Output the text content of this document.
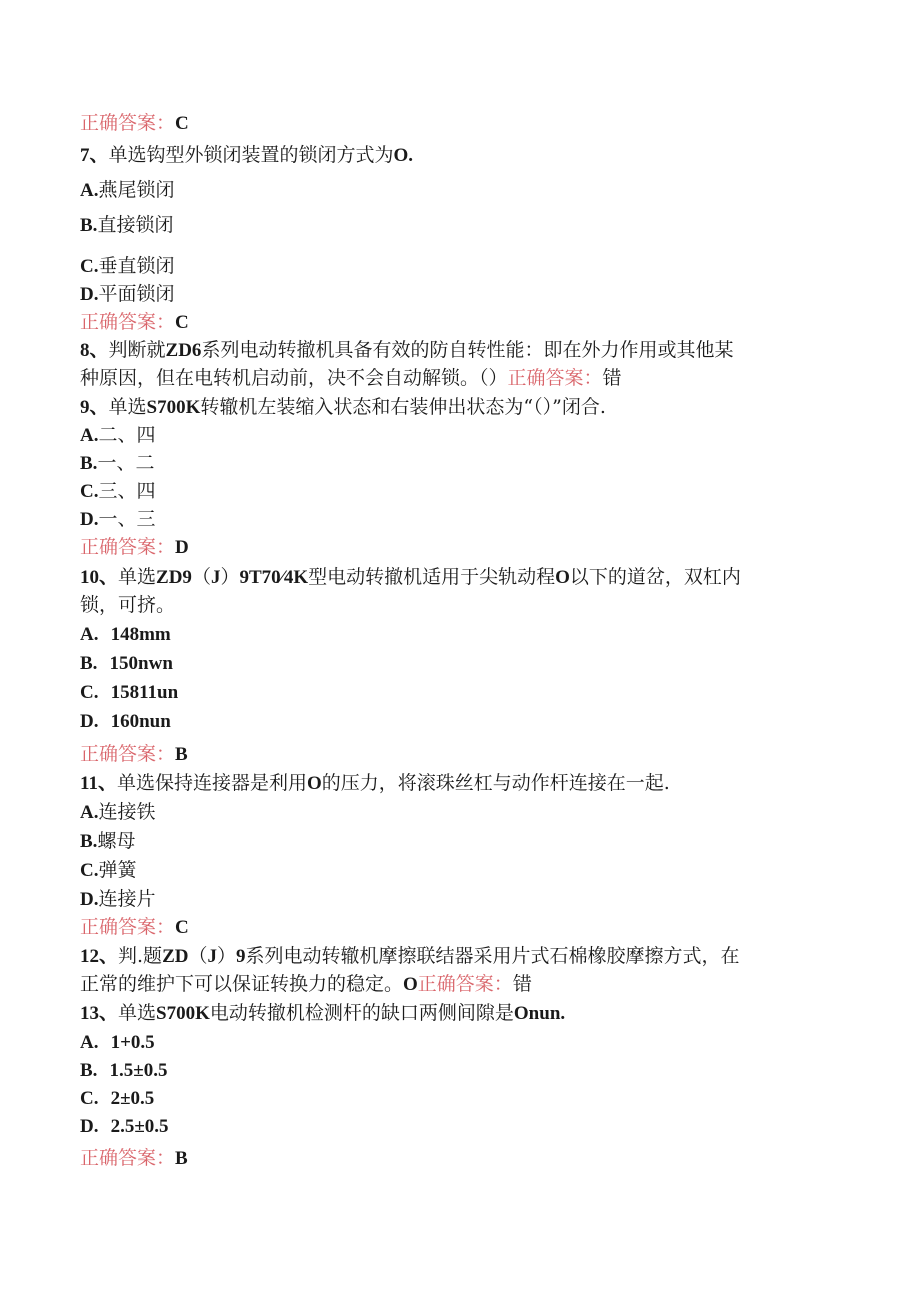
正确答案：C
7、单选钩型外锁闭装置的锁闭方式为O.
A.燕尾锁闭
B.直接锁闭
C.垂直锁闭
D.平面锁闭
正确答案：C
8、判断就ZD6系列电动转撤机具备有效的防自转性能：即在外力作用或其他某
种原因，但在电转机启动前，决不会自动解锁。（）正确答案：错
9、单选S700K转辙机左装缩入状态和右装伸出状态为“（）”闭合.
A.二、四
B.一、二
C.三、四
D.一、三
正确答案：D
10、单选ZD9（J）9T70⁄4K型电动转撤机适用于尖轨动程O以下的道岔，双杠内
锁，可挤。
A. 148mm
B. 150nwn
C. 15811un
D. 160nun
正确答案：B
11、单选保持连接器是利用O的压力，将滚珠丝杠与动作杆连接在一起.
A.连接铁
B.螺母
C.弹簧
D.连接片
正确答案：C
12、判.题ZD（J）9系列电动转辙机摩擦联结器采用片式石棉橡胶摩擦方式，在
正常的维护下可以保证转换力的稳定。O正确答案：错
13、单选S700K电动转撤机检测杆的缺口两侧间隙是Onun.
A. 1+0.5
B. 1.5±0.5
C. 2±0.5
D. 2.5±0.5
正确答案：B
